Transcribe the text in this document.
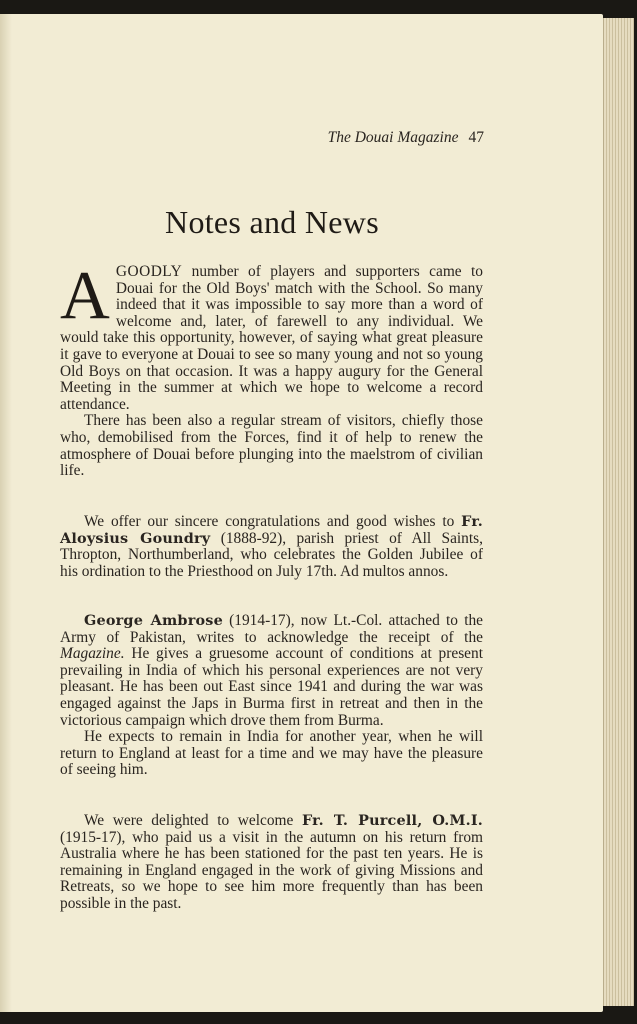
The Douai Magazine 47
Notes and News

AGOODLY number of players and supporters came to Douai for the Old Boys' match with the School. So many indeed that it was impossible to say more than a word of welcome and, later, of farewell to any individual. We would take this opportunity, however, of saying what great pleasure it gave to everyone at Douai to see so many young and not so young Old Boys on that occasion. It was a happy augury for the General Meeting in the summer at which we hope to welcome a record attendance.

There has been also a regular stream of visitors, chiefly those who, demobilised from the Forces, find it of help to renew the atmosphere of Douai before plunging into the maelstrom of civilian life.

We offer our sincere congratulations and good wishes to Fr. Aloysius Goundry (1888-92), parish priest of All Saints, Thropton, Northumberland, who celebrates the Golden Jubilee of his ordination to the Priesthood on July 17th. Ad multos annos.

George Ambrose (1914-17), now Lt.-Col. attached to the Army of Pakistan, writes to acknowledge the receipt of the Magazine. He gives a gruesome account of conditions at present prevailing in India of which his personal experiences are not very pleasant. He has been out East since 1941 and during the war was engaged against the Japs in Burma first in retreat and then in the victorious campaign which drove them from Burma.

He expects to remain in India for another year, when he will return to England at least for a time and we may have the pleasure of seeing him.

We were delighted to welcome Fr. T. Purcell, O.M.I. (1915-17), who paid us a visit in the autumn on his return from Australia where he has been stationed for the past ten years. He is remaining in England engaged in the work of giving Missions and Retreats, so we hope to see him more frequently than has been possible in the past.
